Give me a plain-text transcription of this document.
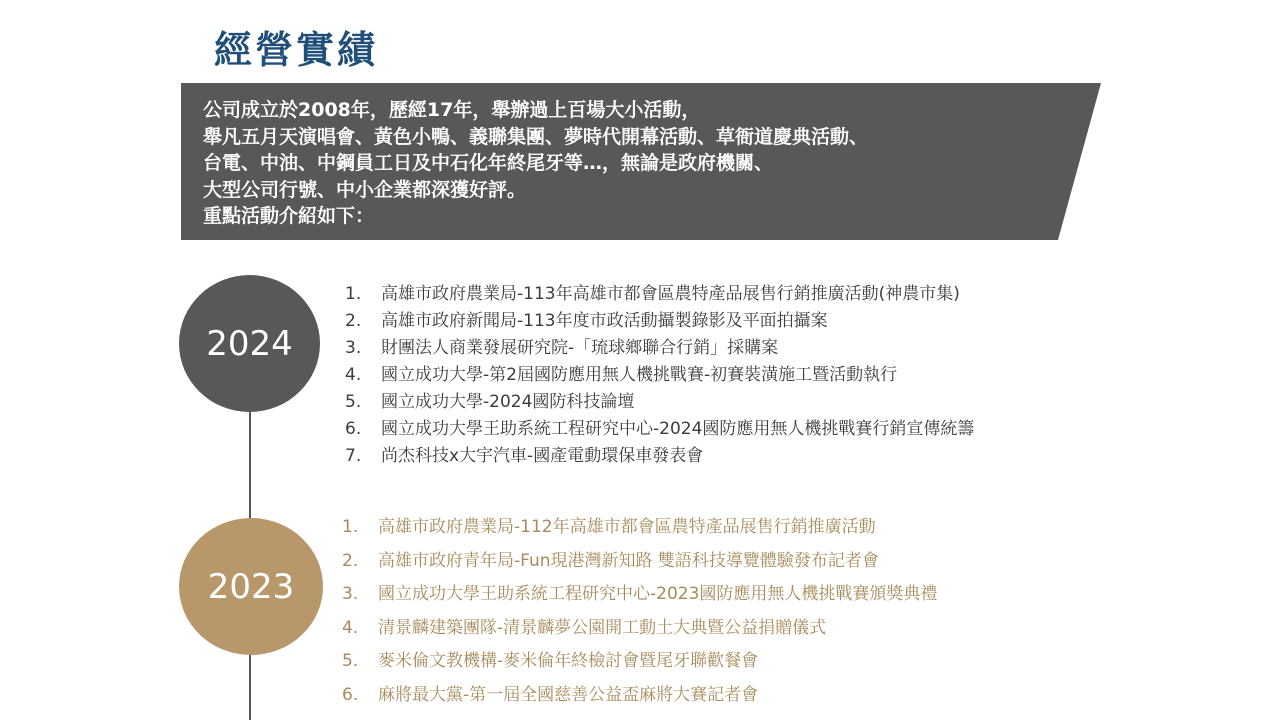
經營實績
公司成立於2008年，歷經17年，舉辦過上百場大小活動，
舉凡五月天演唱會、黃色小鴨、義聯集團、夢時代開幕活動、草衙道慶典活動、
台電、中油、中鋼員工日及中石化年終尾牙等…，無論是政府機關、
大型公司行號、中小企業都深獲好評。
重點活動介紹如下：
2024
2023
1.	高雄市政府農業局-113年高雄市都會區農特產品展售行銷推廣活動(神農市集)
2.	高雄市政府新聞局-113年度市政活動攝製錄影及平面拍攝案
3.	財團法人商業發展研究院-「琉球鄉聯合行銷」採購案
4.	國立成功大學-第2屆國防應用無人機挑戰賽-初賽裝潢施工暨活動執行
5.	國立成功大學-2024國防科技論壇
6.	國立成功大學王助系統工程研究中心-2024國防應用無人機挑戰賽行銷宣傳統籌
7.	尚杰科技x大宇汽車-國產電動環保車發表會
1.	高雄市政府農業局-112年高雄市都會區農特產品展售行銷推廣活動
2.	高雄市政府青年局-Fun現港灣新知路 雙語科技導覽體驗發布記者會
3.	國立成功大學王助系統工程研究中心-2023國防應用無人機挑戰賽頒獎典禮
4.	清景麟建築團隊-清景麟夢公園開工動土大典暨公益捐贈儀式
5.	麥米倫文教機構-麥米倫年終檢討會暨尾牙聯歡餐會
6.	麻將最大黨-第一屆全國慈善公益盃麻將大賽記者會
